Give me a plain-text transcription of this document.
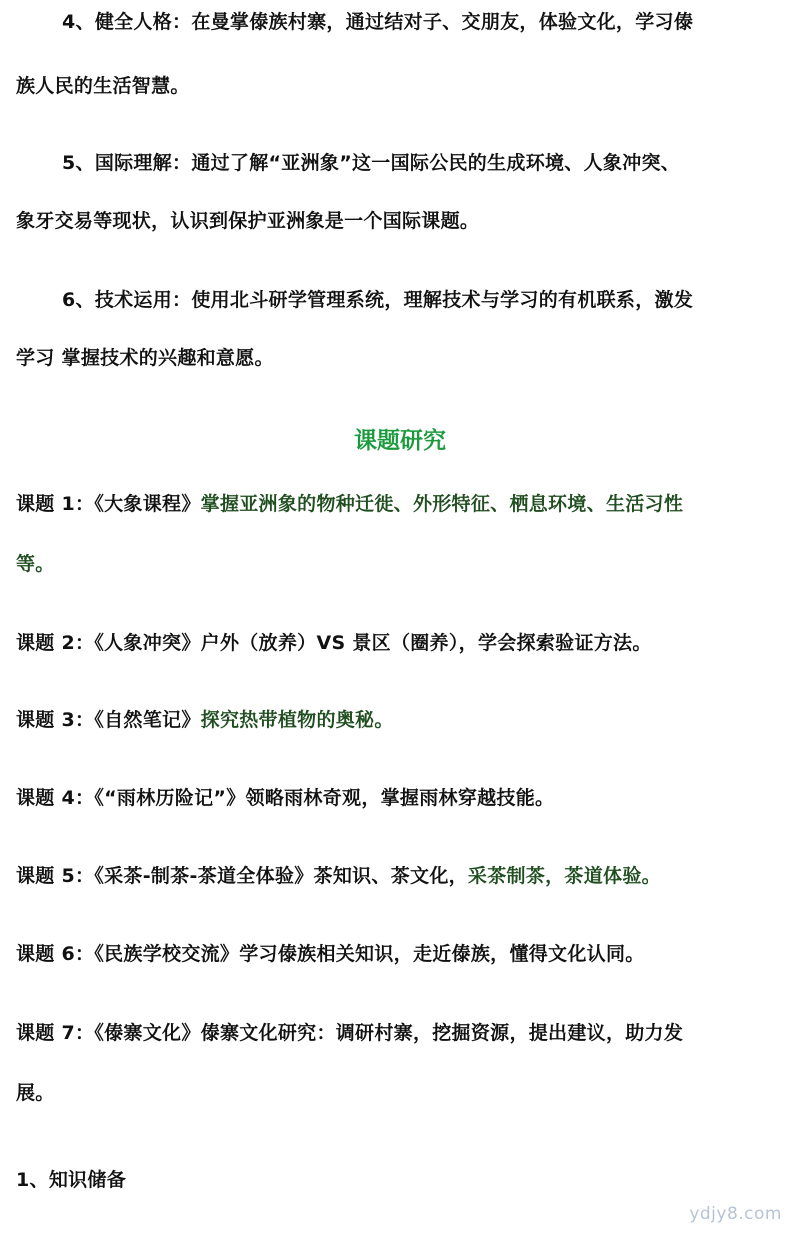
4、健全人格：在曼掌傣族村寨，通过结对子、交朋友，体验文化，学习傣
族人民的生活智慧。
5、国际理解：通过了解“亚洲象”这一国际公民的生成环境、人象冲突、
象牙交易等现状，认识到保护亚洲象是一个国际课题。
6、技术运用：使用北斗研学管理系统，理解技术与学习的有机联系，激发
学习 掌握技术的兴趣和意愿。
课题研究
课题 1：《大象课程》掌握亚洲象的物种迁徙、外形特征、栖息环境、生活习性
等。
课题 2：《人象冲突》户外（放养）VS 景区（圈养），学会探索验证方法。
课题 3：《自然笔记》探究热带植物的奥秘。
课题 4：《“雨林历险记”》领略雨林奇观，掌握雨林穿越技能。
课题 5：《采茶-制茶-茶道全体验》茶知识、茶文化，采茶制茶，茶道体验。
课题 6：《民族学校交流》学习傣族相关知识，走近傣族，懂得文化认同。
课题 7：《傣寨文化》傣寨文化研究：调研村寨，挖掘资源，提出建议，助力发
展。
1、知识储备
ydjy8.com
